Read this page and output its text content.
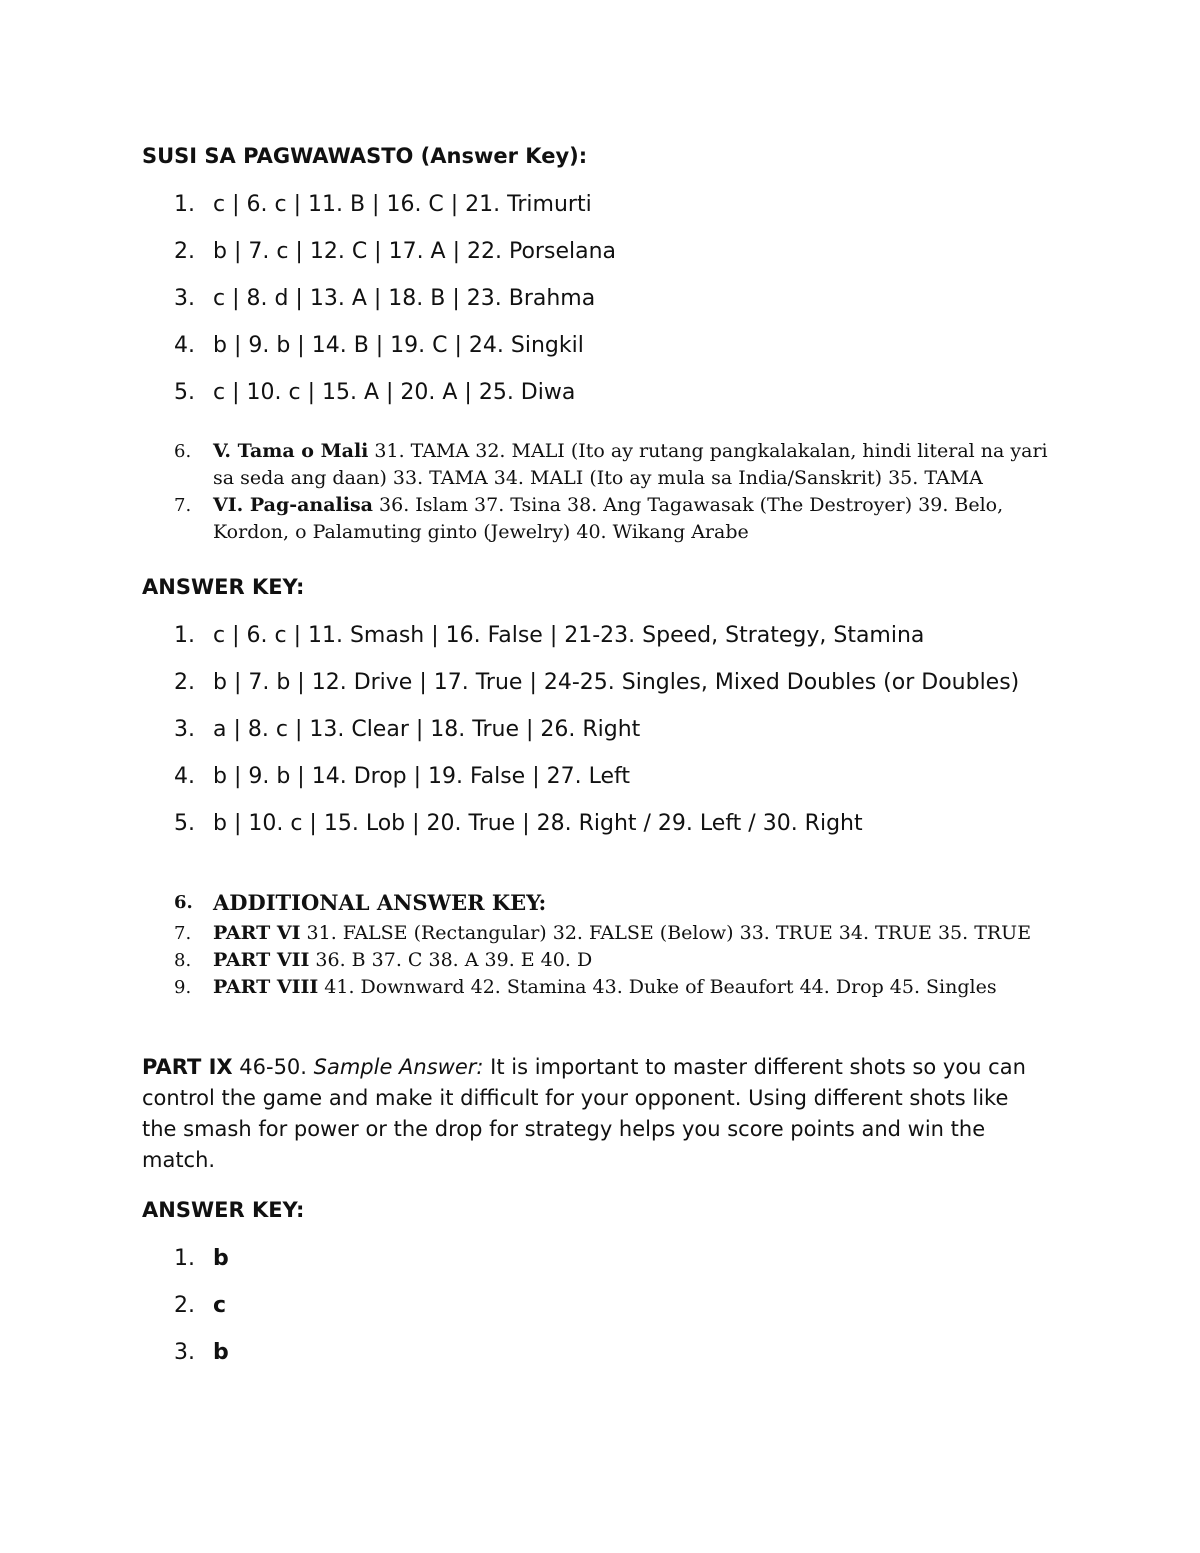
SUSI SA PAGWAWASTO (Answer Key):

1. c | 6. c | 11. B | 16. C | 21. Trimurti
2. b | 7. c | 12. C | 17. A | 22. Porselana
3. c | 8. d | 13. A | 18. B | 23. Brahma
4. b | 9. b | 14. B | 19. C | 24. Singkil
5. c | 10. c | 15. A | 20. A | 25. Diwa
6. V. Tama o Mali 31. TAMA 32. MALI (Ito ay rutang pangkalakalan, hindi literal na yari sa seda ang daan) 33. TAMA 34. MALI (Ito ay mula sa India/Sanskrit) 35. TAMA
7. VI. Pag-analisa 36. Islam 37. Tsina 38. Ang Tagawasak (The Destroyer) 39. Belo, Kordon, o Palamuting ginto (Jewelry) 40. Wikang Arabe

ANSWER KEY:

1. c | 6. c | 11. Smash | 16. False | 21-23. Speed, Strategy, Stamina
2. b | 7. b | 12. Drive | 17. True | 24-25. Singles, Mixed Doubles (or Doubles)
3. a | 8. c | 13. Clear | 18. True | 26. Right
4. b | 9. b | 14. Drop | 19. False | 27. Left
5. b | 10. c | 15. Lob | 20. True | 28. Right / 29. Left / 30. Right
6. ADDITIONAL ANSWER KEY:
7. PART VI 31. FALSE (Rectangular) 32. FALSE (Below) 33. TRUE 34. TRUE 35. TRUE
8. PART VII 36. B 37. C 38. A 39. E 40. D
9. PART VIII 41. Downward 42. Stamina 43. Duke of Beaufort 44. Drop 45. Singles

PART IX 46-50. Sample Answer: It is important to master different shots so you can control the game and make it difficult for your opponent. Using different shots like the smash for power or the drop for strategy helps you score points and win the match.

ANSWER KEY:

1. b
2. c
3. b
